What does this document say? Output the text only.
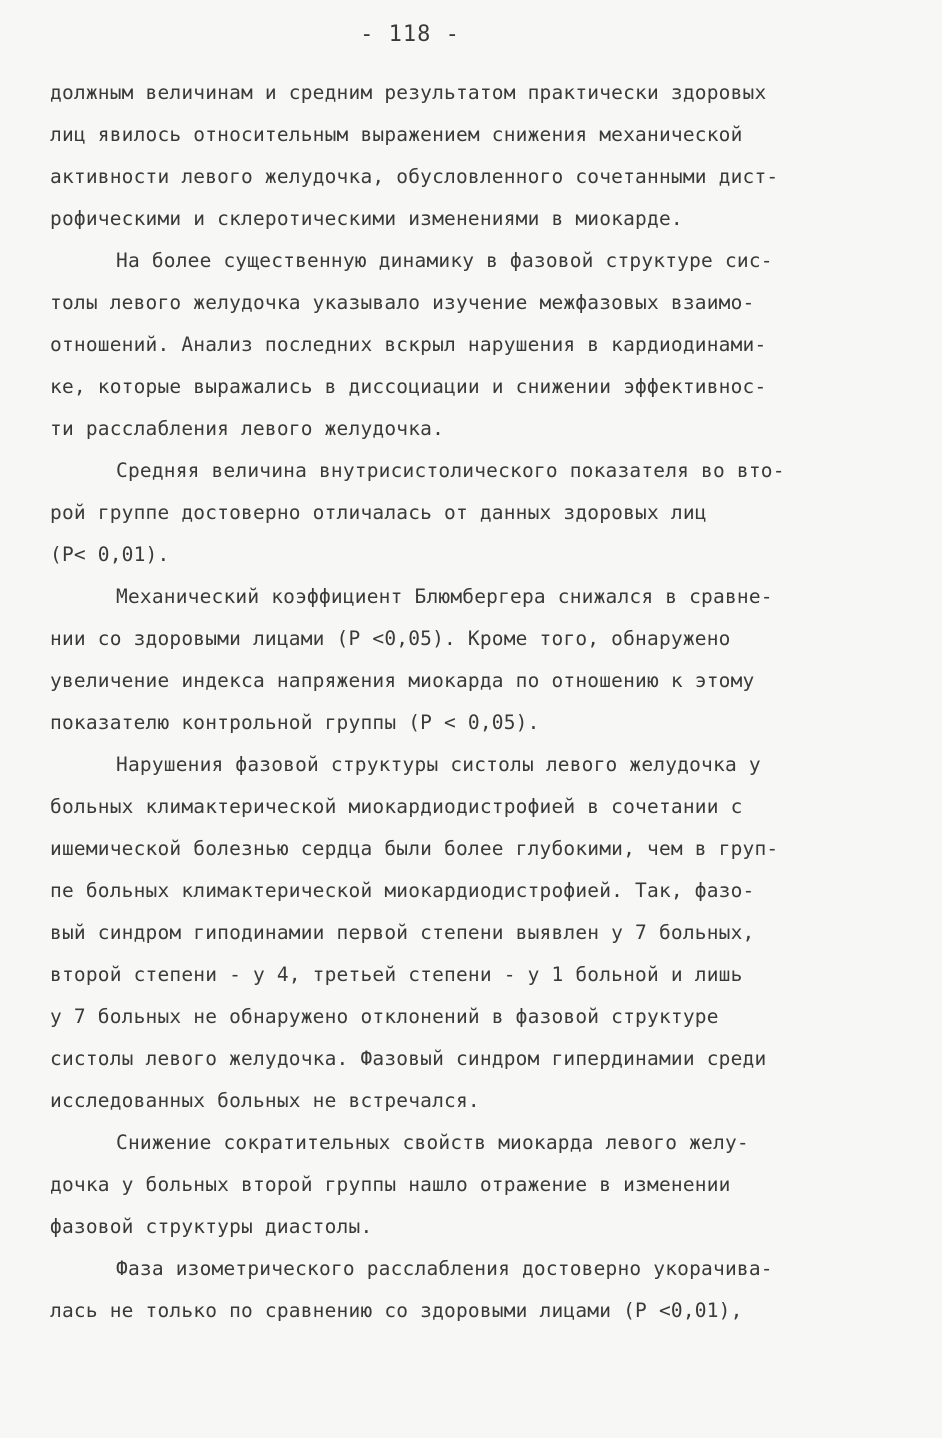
- 118 -
должным величинам и средним результатом практически здоровых
лиц явилось относительным выражением снижения механической
активности левого желудочка, обусловленного сочетанными дист-
рофическими и склеротическими изменениями в миокарде.
На более существенную динамику в фазовой структуре сис-
толы левого желудочка указывало изучение межфазовых взаимо-
отношений. Анализ последних вскрыл нарушения в кардиодинами-
ке, которые выражались в диссоциации и снижении эффективнос-
ти расслабления левого желудочка.
Средняя величина внутрисистолического показателя во вто-
рой группе достоверно отличалась от данных здоровых лиц
(P< 0,01).
Механический коэффициент Блюмбергера снижался в сравне-
нии со здоровыми лицами (P <0,05). Кроме того, обнаружено
увеличение индекса напряжения миокарда по отношению к этому
показателю контрольной группы (P < 0,05).
Нарушения фазовой структуры систолы левого желудочка у
больных климактерической миокардиодистрофией в сочетании с
ишемической болезнью сердца были более глубокими, чем в груп-
пе больных климактерической миокардиодистрофией. Так, фазо-
вый синдром гиподинамии первой степени выявлен у 7 больных,
второй степени - у 4, третьей степени - у 1 больной и лишь
у 7 больных не обнаружено отклонений в фазовой структуре
систолы левого желудочка. Фазовый синдром гипердинамии среди
исследованных больных не встречался.
Снижение сократительных свойств миокарда левого желу-
дочка у больных второй группы нашло отражение в изменении
фазовой структуры диастолы.
Фаза изометрического расслабления достоверно укорачива-
лась не только по сравнению со здоровыми лицами (P <0,01),
